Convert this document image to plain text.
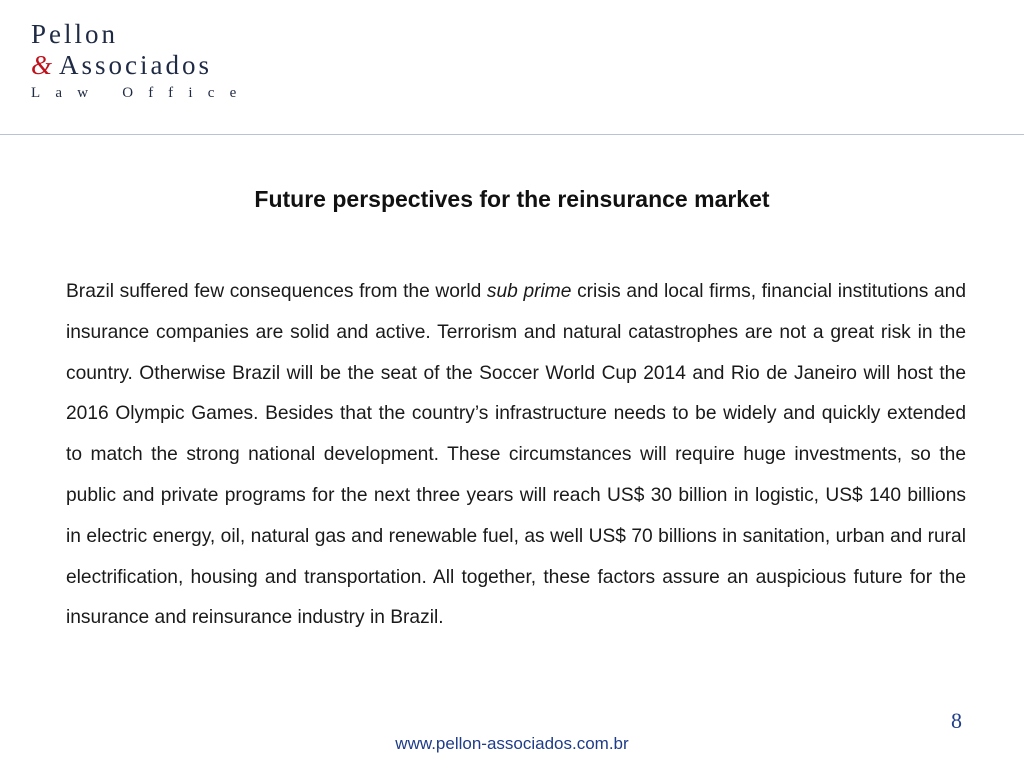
Pellon
& Associados
Law Office
Future perspectives for the reinsurance market
Brazil suffered few consequences from the world sub prime crisis and local firms, financial institutions and insurance companies are solid and active. Terrorism and natural catastrophes are not a great risk in the country. Otherwise Brazil will be the seat of the Soccer World Cup 2014 and Rio de Janeiro will host the 2016 Olympic Games. Besides that the country’s infrastructure needs to be widely and quickly extended to match the strong national development. These circumstances will require huge investments, so the public and private programs for the next three years will reach US$ 30 billion in logistic, US$ 140 billions in electric energy, oil, natural gas and renewable fuel, as well US$ 70 billions in sanitation, urban and rural electrification, housing and transportation. All together, these factors assure an auspicious future for the insurance and reinsurance industry in Brazil.
8
www.pellon-associados.com.br
